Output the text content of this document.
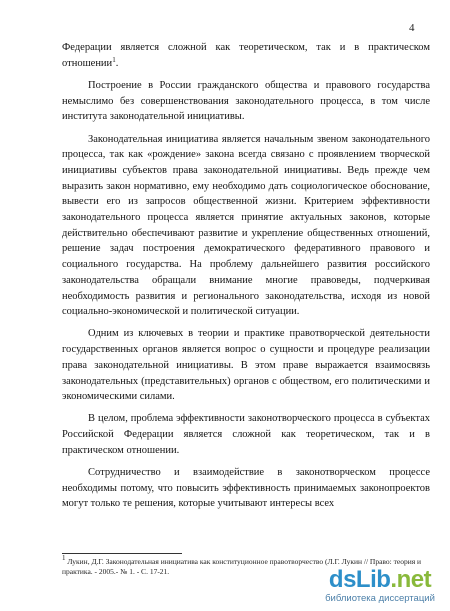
4

Федерации является сложной как теоретическом, так и в практическом отношении$^1$.

Построение в России гражданского общества и правового государства немыслимо без совершенствования законодательного процесса, в том числе института законодательной инициативы.

Законодательная инициатива является начальным звеном законодательного процесса, так как «рождение» закона всегда связано с проявлением творческой инициативы субъектов права законодательной инициативы. Ведь прежде чем выразить закон нормативно, ему необходимо дать социологическое обоснование, вывести его из запросов общественной жизни. Критерием эффективности законодательного процесса является принятие актуальных законов, которые действительно обеспечивают развитие и укрепление общественных отношений, решение задач построения демократического федеративного правового и социального государства. На проблему дальнейшего развития российского законодательства обращали внимание многие правоведы, подчеркивая необходимость развития и регионального законодательства, исходя из новой социально-экономической и политической ситуации.

Одним из ключевых в теории и практике правотворческой деятельности государственных органов является вопрос о сущности и процедуре реализации права законодательной инициативы. В этом праве выражается взаимосвязь законодательных (представительных) органов с обществом, его политическими и экономическими силами.

В целом, проблема эффективности законотворческого процесса в субъектах Российской Федерации является сложной как теоретическом, так и в практическом отношении.

Сотрудничество и взаимодействие в законотворческом процессе необходимы потому, что повысить эффективность принимаемых законопроектов могут только те решения, которые учитывают интересы всех

$^1$ Лукин, Д.Г. Законодательная инициатива как конституционное правотворчество (Л.Г. Лукин // Право: теория и практика. - 2005.- № 1. - С. 17-21.	dsLib.net
библиотека диссертаций
